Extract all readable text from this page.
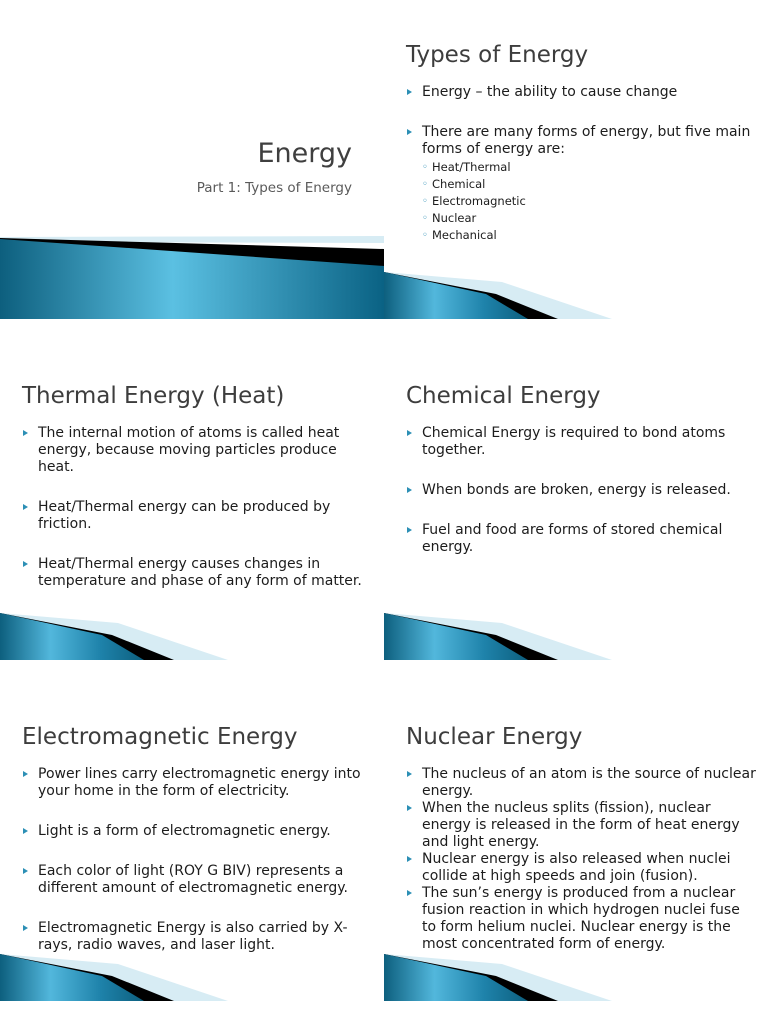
Energy

Part 1: Types of Energy

Types of Energy
Energy – the ability to cause change
There are many forms of energy, but five main forms of energy are:
◦ Heat/Thermal
◦ Chemical
◦ Electromagnetic
◦ Nuclear
◦ Mechanical
Thermal Energy (Heat)
The internal motion of atoms is called heat energy, because moving particles produce heat.
Heat/Thermal energy can be produced by friction.
Heat/Thermal energy causes changes in temperature and phase of any form of matter.
Chemical Energy
Chemical Energy is required to bond atoms together.
When bonds are broken, energy is released.
Fuel and food are forms of stored chemical energy.
Electromagnetic Energy
Power lines carry electromagnetic energy into your home in the form of electricity.
Light is a form of electromagnetic energy.
Each color of light (ROY G BIV) represents a different amount of electromagnetic energy.
Electromagnetic Energy is also carried by X-rays, radio waves, and laser light.
Nuclear Energy
The nucleus of an atom is the source of nuclear energy.
When the nucleus splits (fission), nuclear energy is released in the form of heat energy and light energy.
Nuclear energy is also released when nuclei collide at high speeds and join (fusion).
The sun’s energy is produced from a nuclear fusion reaction in which hydrogen nuclei fuse to form helium nuclei. Nuclear energy is the most concentrated form of energy.
